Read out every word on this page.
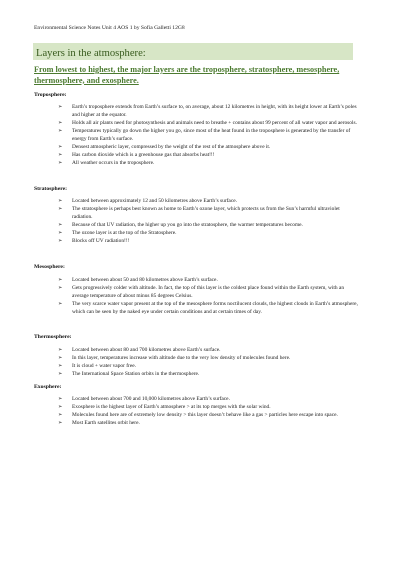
Environmental Science Notes Unit 4 AOS 1 by Sofia Galletti 12G8
Layers in the atmosphere:
From lowest to highest, the major layers are the troposphere, stratosphere, mesosphere, thermosphere, and exosphere.
Troposphere:
➢ Earth’s troposphere extends from Earth’s surface to, on average, about 12 kilometres in height, with its height lower at Earth’s poles and higher at the equator.
➢ Holds all air plants need for photosynthesis and animals need to breathe + contains about 99 percent of all water vapor and aerosols.
➢ Temperatures typically go down the higher you go, since most of the heat found in the troposphere is generated by the transfer of energy from Earth’s surface.
➢ Densest atmospheric layer, compressed by the weight of the rest of the atmosphere above it.
➢ Has carbon dioxide which is a greenhouse gas that absorbs heat!!!
➢ All weather occurs in the troposphere.
Stratosphere:
➢ Located between approximately 12 and 50 kilometres above Earth’s surface.
➢ The stratosphere is perhaps best known as home to Earth’s ozone layer, which protects us from the Sun’s harmful ultraviolet radiation.
➢ Because of that UV radiation, the higher up you go into the stratosphere, the warmer temperatures become.
➢ The ozone layer is at the top of the Stratosphere.
➢ Blocks off UV radiation!!!
Mesosphere:
➢ Located between about 50 and 80 kilometres above Earth’s surface.
➢ Gets progressively colder with altitude. In fact, the top of this layer is the coldest place found within the Earth system, with an average temperature of about minus 85 degrees Celsius.
➢ The very scarce water vapor present at the top of the mesosphere forms noctilucent clouds, the highest clouds in Earth’s atmosphere, which can be seen by the naked eye under certain conditions and at certain times of day.
Thermosphere:
➢ Located between about 80 and 700 kilometres above Earth’s surface.
➢ In this layer, temperatures increase with altitude due to the very low density of molecules found here.
➢ It is cloud + water vapor free.
➢ The International Space Station orbits in the thermosphere.
Exosphere:
➢ Located between about 700 and 10,000 kilometres above Earth’s surface.
➢ Exosphere is the highest layer of Earth’s atmosphere > at its top merges with the solar wind.
➢ Molecules found here are of extremely low density > this layer doesn’t behave like a gas > particles here escape into space.
➢ Most Earth satellites orbit here.
